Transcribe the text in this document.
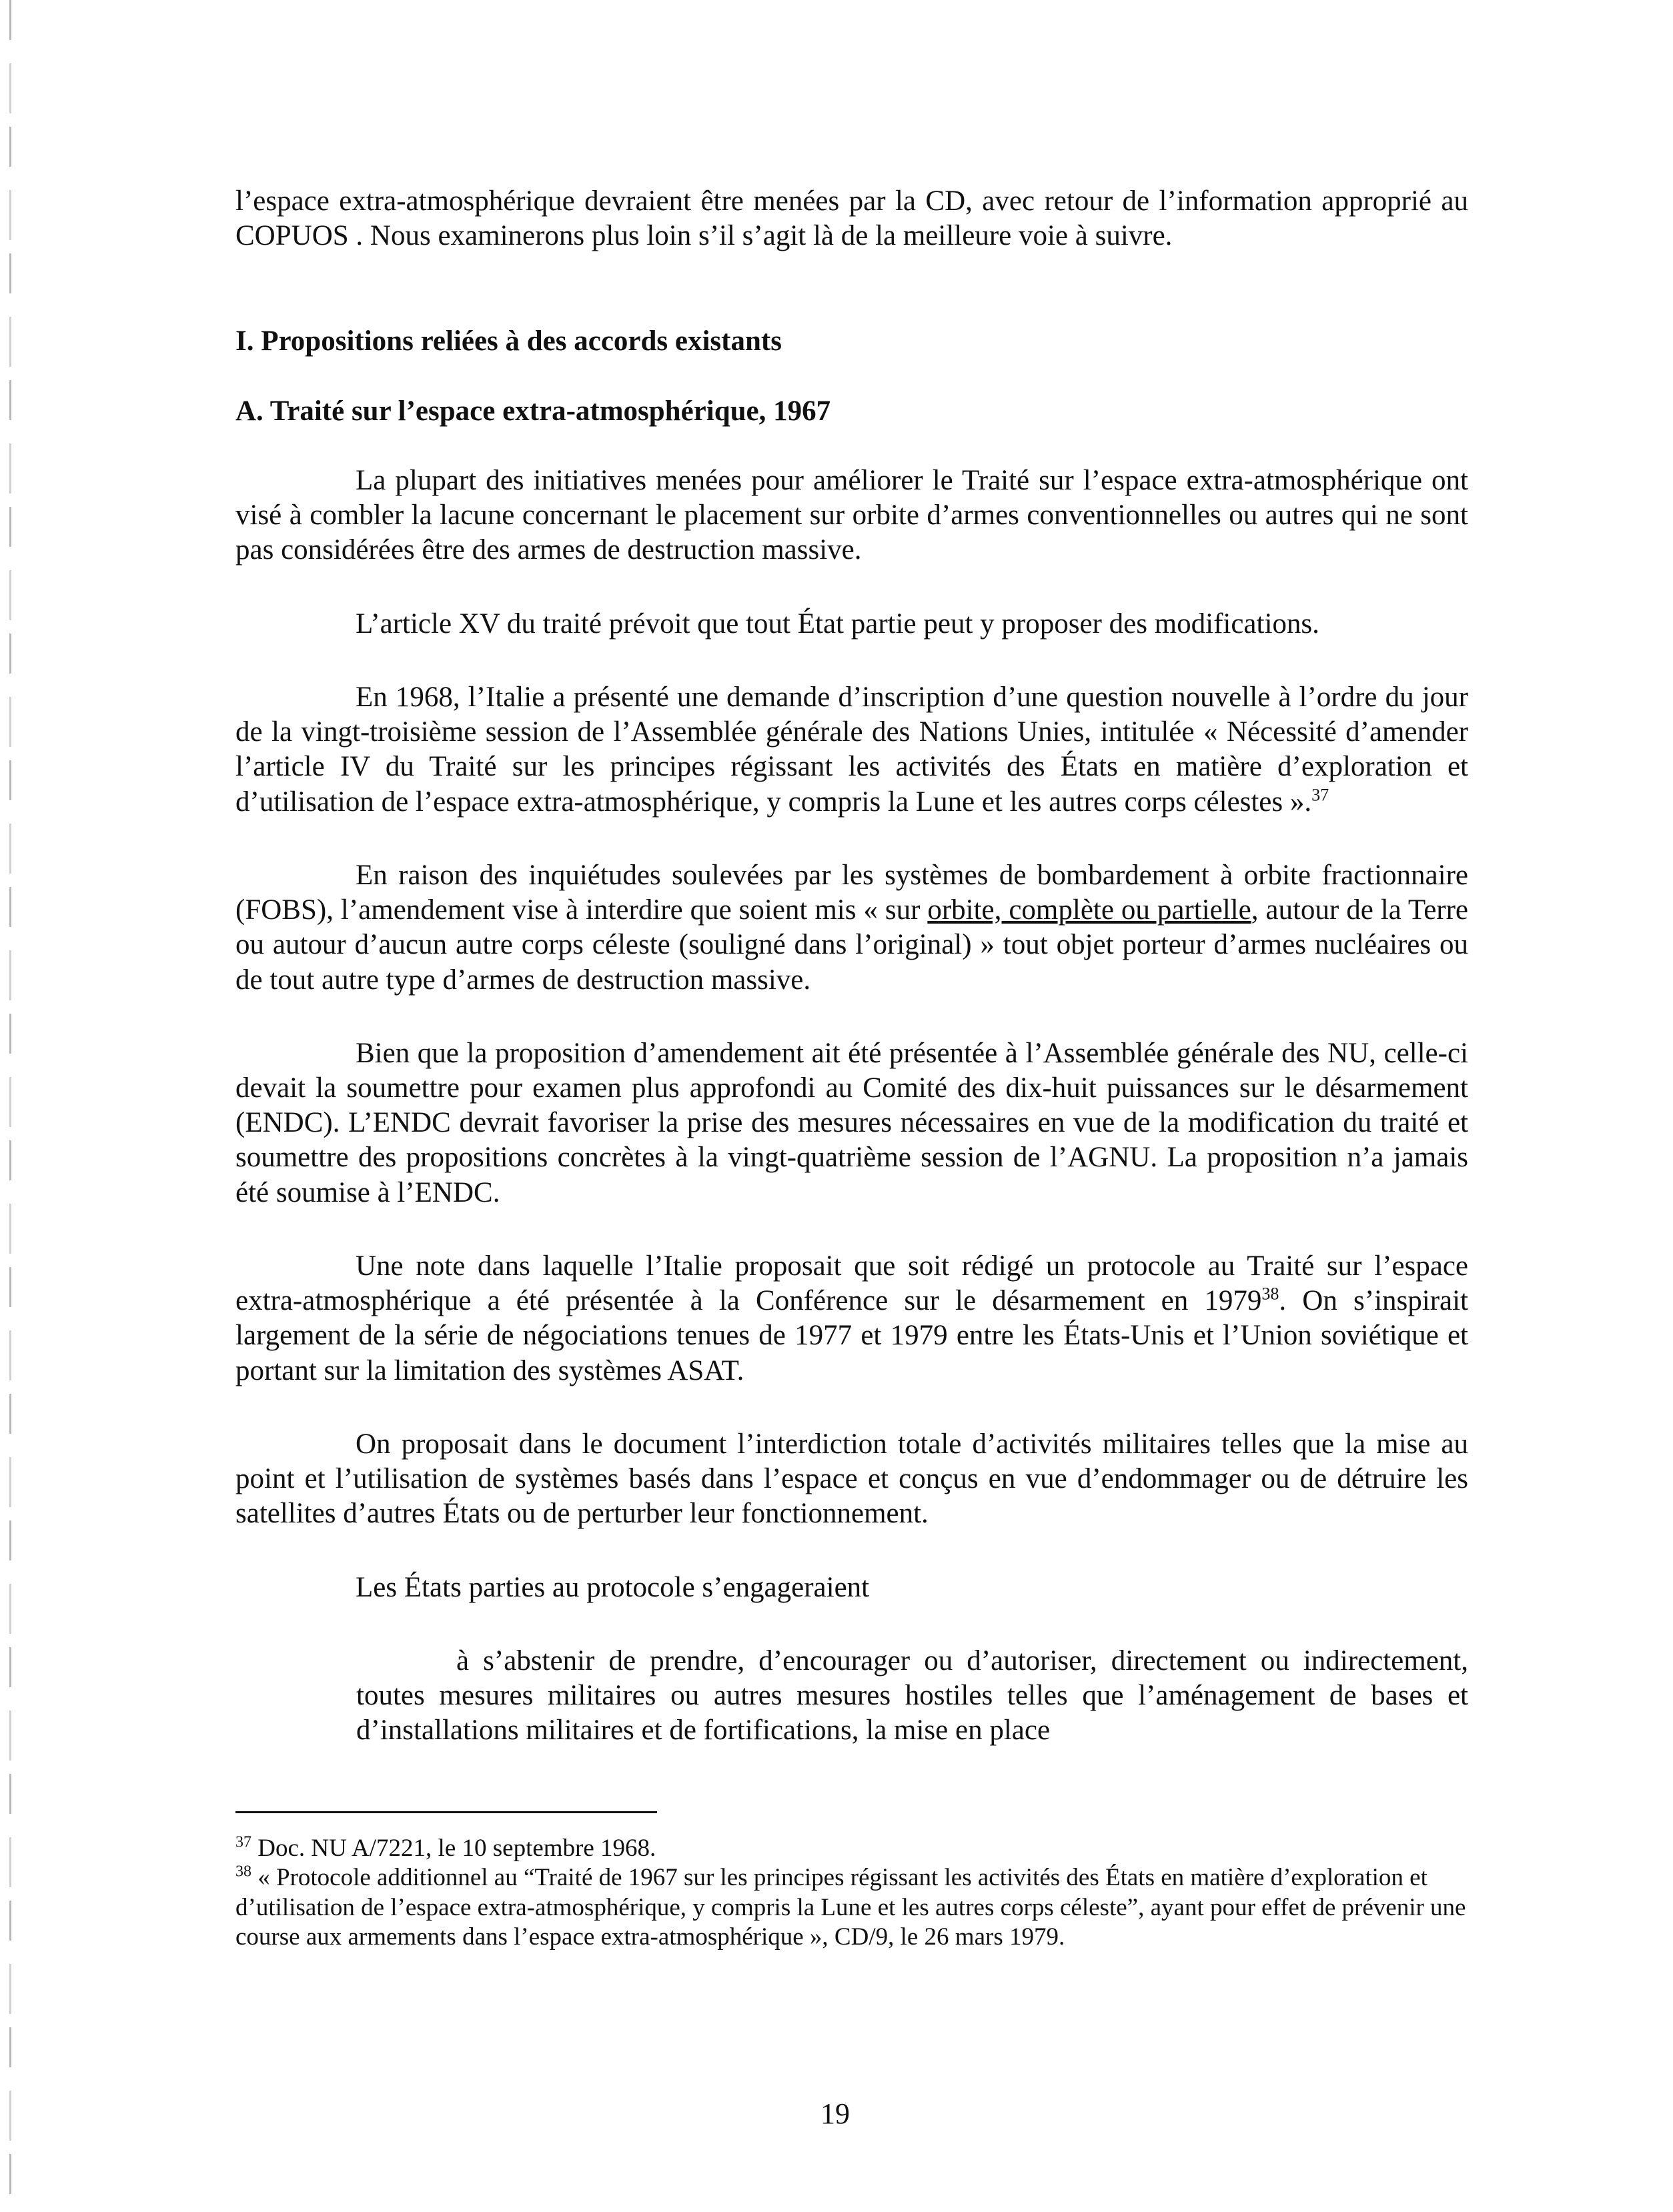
l’espace extra-atmosphérique devraient être menées par la CD, avec retour de l’information approprié au COPUOS . Nous examinerons plus loin s’il s’agit là de la meilleure voie à suivre.

I. Propositions reliées à des accords existants

A. Traité sur l’espace extra-atmosphérique, 1967

La plupart des initiatives menées pour améliorer le Traité sur l’espace extra-atmosphérique ont visé à combler la lacune concernant le placement sur orbite d’armes conventionnelles ou autres qui ne sont pas considérées être des armes de destruction massive.

L’article XV du traité prévoit que tout État partie peut y proposer des modifications.

En 1968, l’Italie a présenté une demande d’inscription d’une question nouvelle à l’ordre du jour de la vingt-troisième session de l’Assemblée générale des Nations Unies, intitulée « Nécessité d’amender l’article IV du Traité sur les principes régissant les activités des États en matière d’exploration et d’utilisation de l’espace extra-atmosphérique, y compris la Lune et les autres corps célestes ».$^{37}$

En raison des inquiétudes soulevées par les systèmes de bombardement à orbite fractionnaire (FOBS), l’amendement vise à interdire que soient mis « sur orbite, complète ou partielle, autour de la Terre ou autour d’aucun autre corps céleste (souligné dans l’original) » tout objet porteur d’armes nucléaires ou de tout autre type d’armes de destruction massive.

Bien que la proposition d’amendement ait été présentée à l’Assemblée générale des NU, celle-ci devait la soumettre pour examen plus approfondi au Comité des dix-huit puissances sur le désarmement (ENDC). L’ENDC devrait favoriser la prise des mesures nécessaires en vue de la modification du traité et soumettre des propositions concrètes à la vingt-quatrième session de l’AGNU. La proposition n’a jamais été soumise à l’ENDC.

Une note dans laquelle l’Italie proposait que soit rédigé un protocole au Traité sur l’espace extra-atmosphérique a été présentée à la Conférence sur le désarmement en 1979$^{38}$. On s’inspirait largement de la série de négociations tenues de 1977 et 1979 entre les États-Unis et l’Union soviétique et portant sur la limitation des systèmes ASAT.

On proposait dans le document l’interdiction totale d’activités militaires telles que la mise au point et l’utilisation de systèmes basés dans l’espace et conçus en vue d’endommager ou de détruire les satellites d’autres États ou de perturber leur fonctionnement.

Les États parties au protocole s’engageraient

à s’abstenir de prendre, d’encourager ou d’autoriser, directement ou indirectement, toutes mesures militaires ou autres mesures hostiles telles que l’aménagement de bases et d’installations militaires et de fortifications, la mise en place

$^{37}$ Doc. NU A/7221, le 10 septembre 1968.

$^{38}$ « Protocole additionnel au “Traité de 1967 sur les principes régissant les activités des États en matière d’exploration et d’utilisation de l’espace extra-atmosphérique, y compris la Lune et les autres corps céleste”, ayant pour effet de prévenir une course aux armements dans l’espace extra-atmosphérique », CD/9, le 26 mars 1979.

19
